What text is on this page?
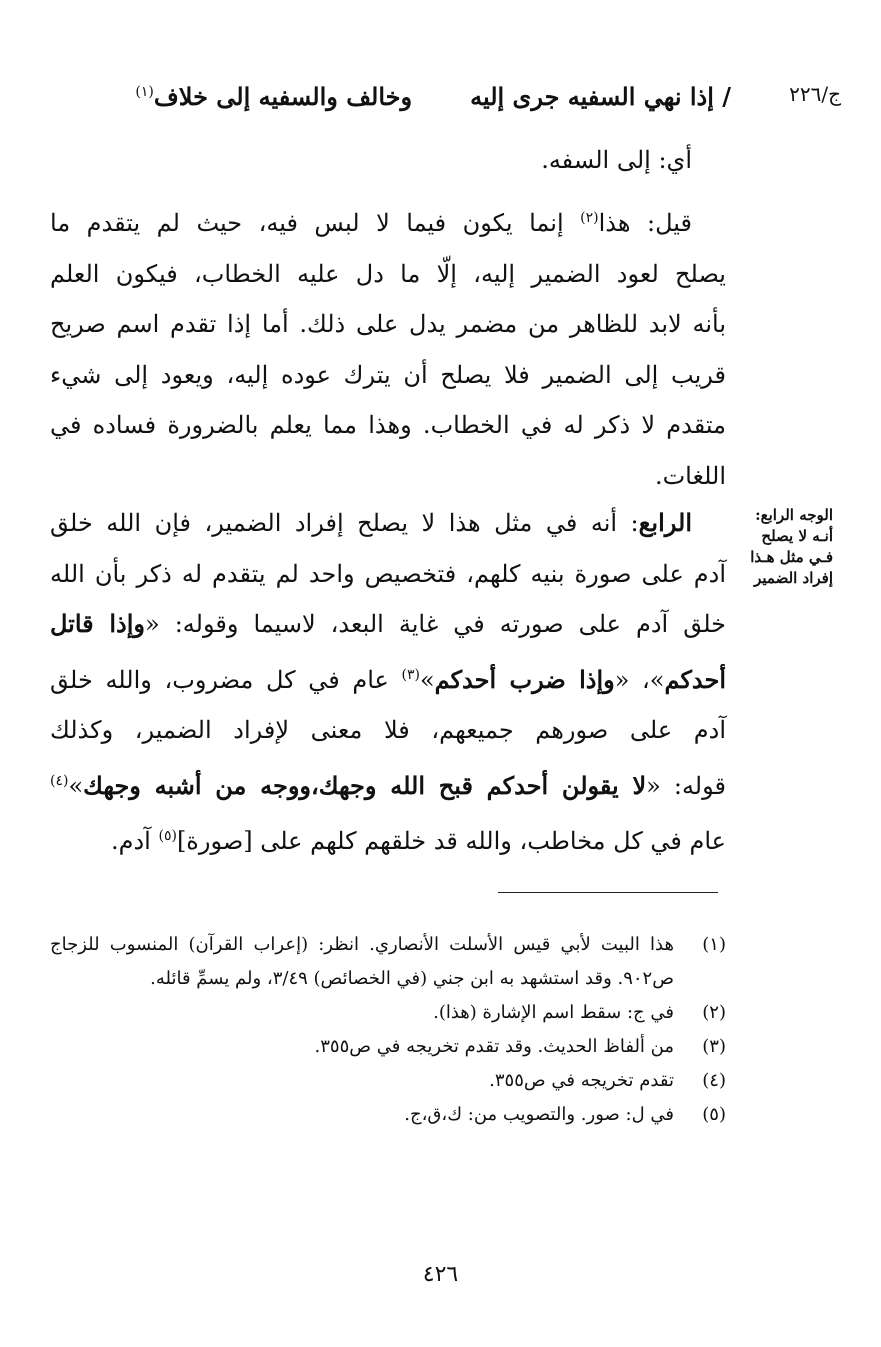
ج/٢٢٦
/ إذا نهي السفيه جرى إليه
وخالف والسفيه إلى خلاف$^{(١)}$
أي: إلى السفه.
قيل: هذا$^{(٢)}$ إنما يكون فيما لا لبس فيه، حيث لم يتقدم ما
يصلح لعود الضمير إليه، إلّا ما دل عليه الخطاب، فيكون العلم
بأنه لابد للظاهر من مضمر يدل على ذلك. أما إذا تقدم اسم صريح
قريب إلى الضمير فلا يصلح أن يترك عوده إليه، ويعود إلى شيء
متقدم لا ذكر له في الخطاب. وهذا مما يعلم بالضرورة فساده في
اللغات.
الوجه الرابع:
أنـه لا يصلح
فـي مثل هـذا
إفراد الضمير
الرابع: أنه في مثل هذا لا يصلح إفراد الضمير، فإن الله خلق
آدم على صورة بنيه كلهم، فتخصيص واحد لم يتقدم له ذكر بأن الله
خلق آدم على صورته في غاية البعد، لاسيما وقوله: «وإذا قاتل
أحدكم»، «وإذا ضرب أحدكم»$^{(٣)}$ عام في كل مضروب، والله خلق
آدم على صورهم جميعهم، فلا معنى لإفراد الضمير، وكذلك
قوله: «لا يقولن أحدكم قبح الله وجهك،ووجه من أشبه وجهك»$^{(٤)}$
عام في كل مخاطب، والله قد خلقهم كلهم على [صورة]$^{(٥)}$ آدم.
(١)
هذا البيت لأبي قيس الأسلت الأنصاري. انظر: (إعراب القرآن) المنسوب للزجاج ص٩٠٢. وقد استشهد به ابن جني (في الخصائص) ٣/٤٩، ولم يسمِّ قائله.
(٢)
في ج: سقط اسم الإشارة (هذا).
(٣)
من ألفاظ الحديث. وقد تقدم تخريجه في ص٣٥٥.
(٤)
تقدم تخريجه في ص٣٥٥.
(٥)
في ل: صور. والتصويب من: ك،ق،ج.
٤٢٦
